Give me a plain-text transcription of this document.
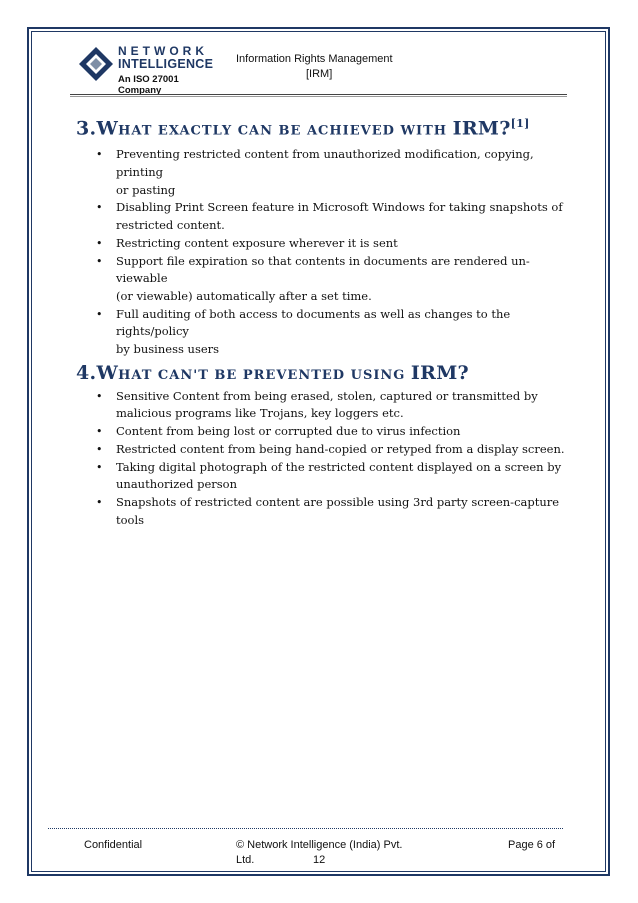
NETWORK
INTELLIGENCE
An ISO 27001 Company
Information Rights Management
[IRM]
3.WHAT EXACTLY CAN BE ACHIEVED WITH IRM?[1]
• Preventing restricted content from unauthorized modification, copying, printing
or pasting
• Disabling Print Screen feature in Microsoft Windows for taking snapshots of
restricted content.
• Restricting content exposure wherever it is sent
• Support file expiration so that contents in documents are rendered un-viewable
(or viewable) automatically after a set time.
• Full auditing of both access to documents as well as changes to the rights/policy
by business users
4.WHAT CAN'T BE PREVENTED USING IRM?
• Sensitive Content from being erased, stolen, captured or transmitted by
malicious programs like Trojans, key loggers etc.
• Content from being lost or corrupted due to virus infection
• Restricted content from being hand-copied or retyped from a display screen.
• Taking digital photograph of the restricted content displayed on a screen by
unauthorized person
• Snapshots of restricted content are possible using 3rd party screen-capture tools
Confidential	© Network Intelligence (India) Pvt. Ltd.
Page 6 of
12
